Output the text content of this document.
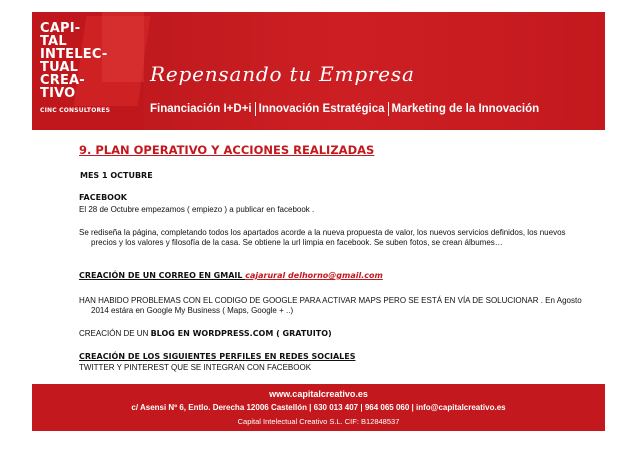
CAPI-
TAL
INTELEC-
TUAL
CREA-
TIVO

CINC CONSULTORES
Repensando tu Empresa
Financiación I+D+i Innovación Estratégica Marketing de la Innovación
9. PLAN OPERATIVO Y ACCIONES REALIZADAS

MES 1 OCTUBRE

FACEBOOK

El 28 de Octubre empezamos ( empiezo ) a publicar en facebook .

Se rediseña la página, completando todos los apartados acorde a la nueva propuesta de valor, los nuevos servicios definidos, los nuevos precios y los valores y filosofía de la casa. Se obtiene la url limpia en facebook. Se suben fotos, se crean álbumes…

CREACIÓN DE UN CORREO EN GMAIL cajarural delhorno@gmail.com

HAN HABIDO PROBLEMAS CON EL CODIGO DE GOOGLE PARA ACTIVAR MAPS PERO SE ESTÁ EN VÍA DE SOLUCIONAR . En Agosto 2014 estára en Google My Business ( Maps, Google + ..)

CREACIÓN DE UN BLOG EN WORDPRESS.COM ( GRATUITO)

CREACIÓN DE LOS SIGUIENTES PERFILES EN REDES SOCIALES

TWITTER Y PINTEREST QUE SE INTEGRAN CON FACEBOOK

www.capitalcreativo.es
c/ Asensi Nº 6, Entlo. Derecha 12006 Castellón | 630 013 407 | 964 065 060 | info@capitalcreativo.es
Capital Intelectual Creativo S.L. CIF: B12848537
